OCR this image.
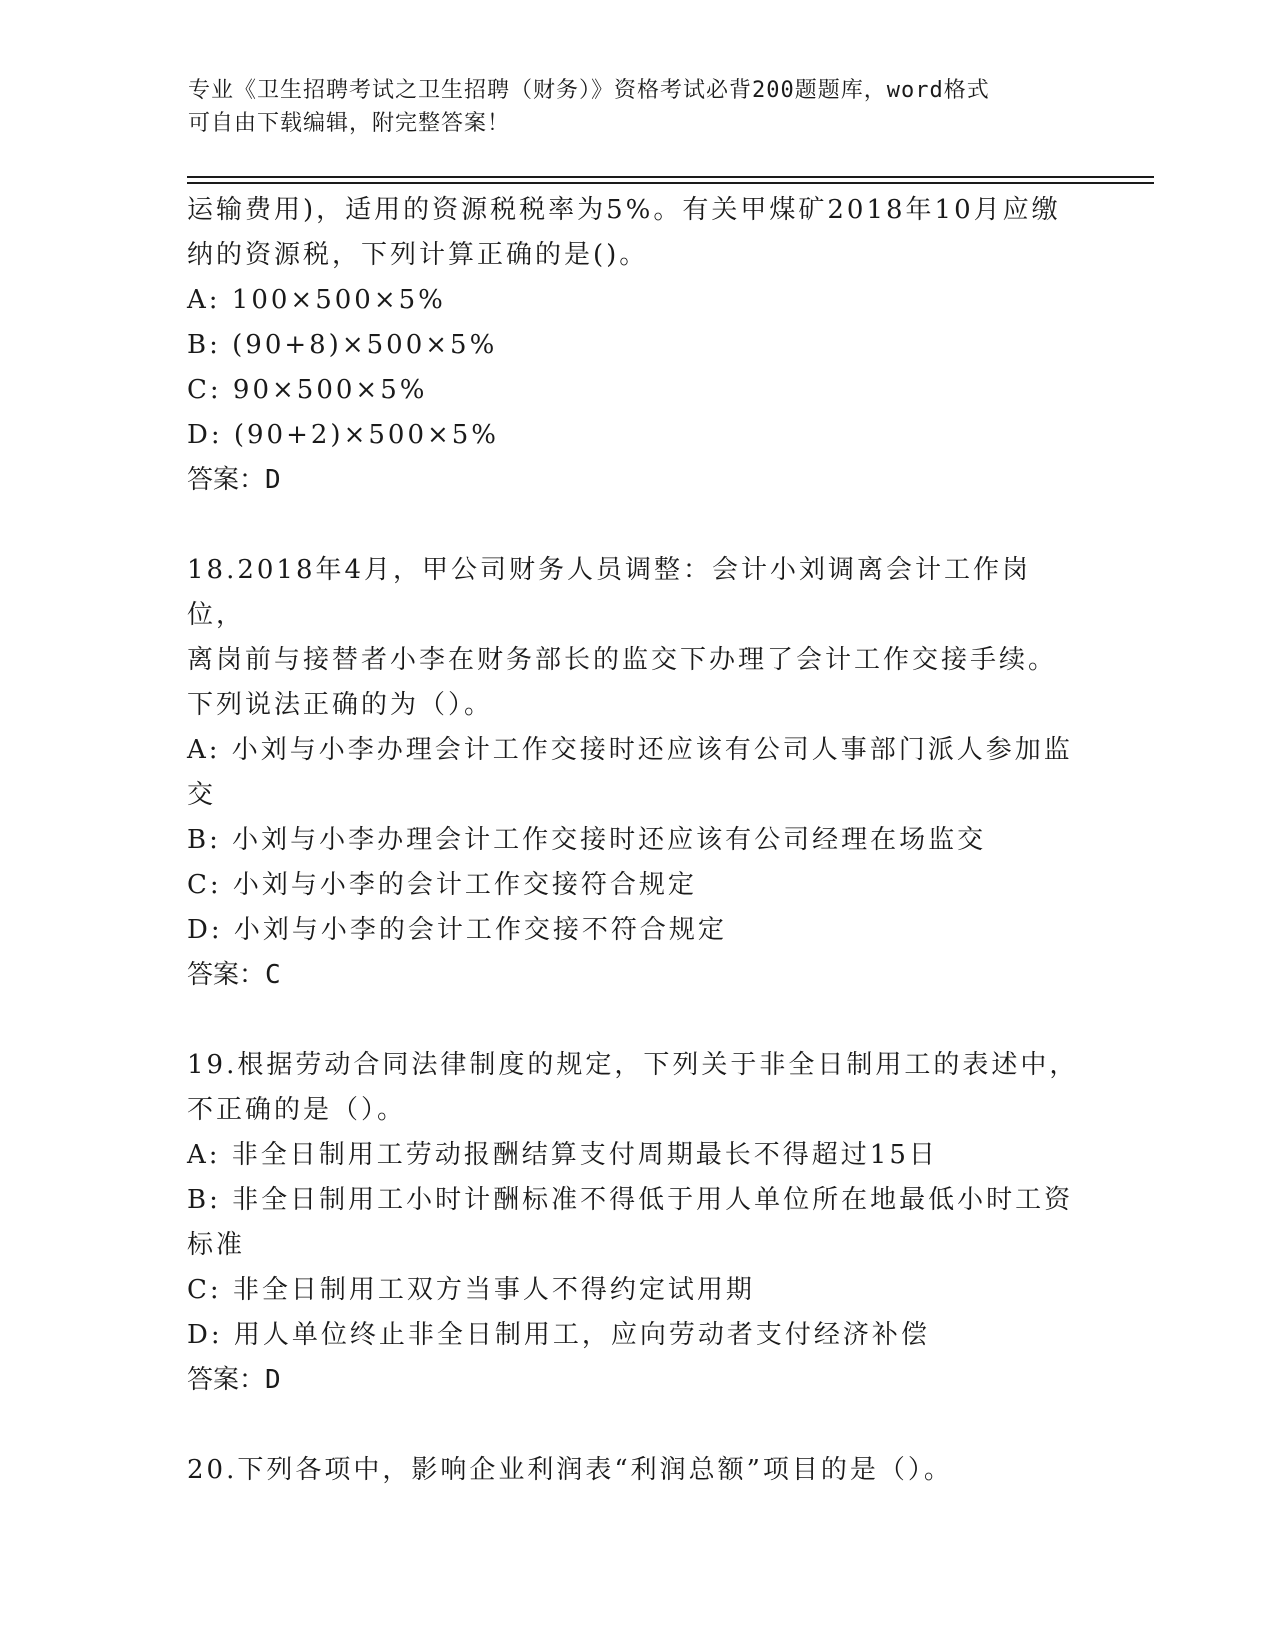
专业《卫生招聘考试之卫生招聘（财务）》资格考试必背200题题库，word格式
可自由下载编辑，附完整答案！

运输费用)，适用的资源税税率为5%。有关甲煤矿2018年10月应缴

纳的资源税，下列计算正确的是()。

A: 100×500×5%

B: (90+8)×500×5%

C: 90×500×5%

D: (90+2)×500×5%

答案：D

18.2018年4月，甲公司财务人员调整：会计小刘调离会计工作岗位，

离岗前与接替者小李在财务部长的监交下办理了会计工作交接手续。

下列说法正确的为（）。

A: 小刘与小李办理会计工作交接时还应该有公司人事部门派人参加监

交

B: 小刘与小李办理会计工作交接时还应该有公司经理在场监交

C: 小刘与小李的会计工作交接符合规定

D: 小刘与小李的会计工作交接不符合规定

答案：C

19.根据劳动合同法律制度的规定，下列关于非全日制用工的表述中，

不正确的是（）。

A: 非全日制用工劳动报酬结算支付周期最长不得超过15日

B: 非全日制用工小时计酬标准不得低于用人单位所在地最低小时工资

标准

C: 非全日制用工双方当事人不得约定试用期

D: 用人单位终止非全日制用工，应向劳动者支付经济补偿

答案：D

20.下列各项中，影响企业利润表“利润总额”项目的是（）。
